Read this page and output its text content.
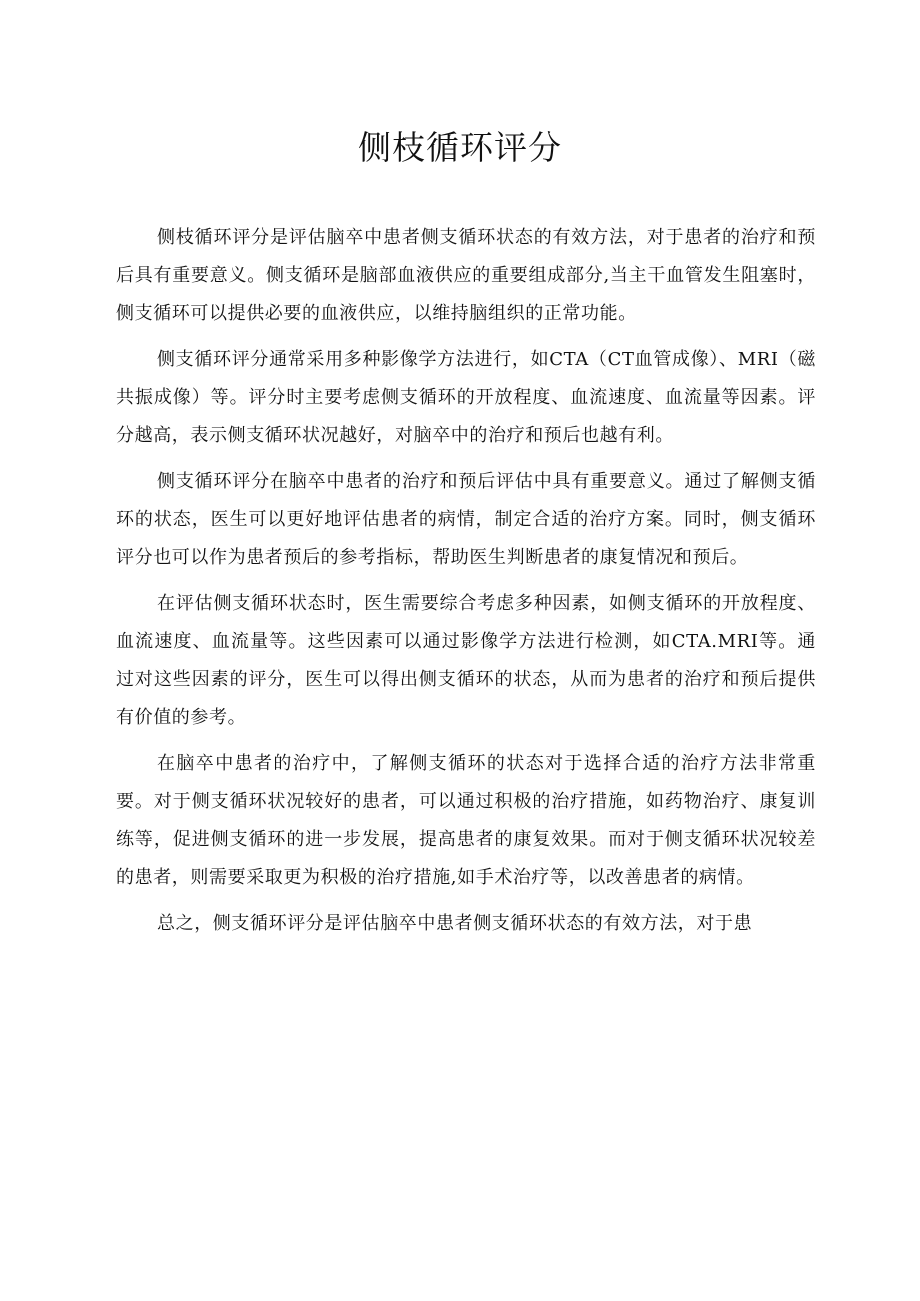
侧枝循环评分

侧枝循环评分是评估脑卒中患者侧支循环状态的有效方法，对于患者的治疗和预后具有重要意义。侧支循环是脑部血液供应的重要组成部分,当主干血管发生阻塞时，侧支循环可以提供必要的血液供应，以维持脑组织的正常功能。

侧支循环评分通常采用多种影像学方法进行，如CTA（CT血管成像）、MRI（磁共振成像）等。评分时主要考虑侧支循环的开放程度、血流速度、血流量等因素。评分越高，表示侧支循环状况越好，对脑卒中的治疗和预后也越有利。

侧支循环评分在脑卒中患者的治疗和预后评估中具有重要意义。通过了解侧支循环的状态，医生可以更好地评估患者的病情，制定合适的治疗方案。同时，侧支循环评分也可以作为患者预后的参考指标，帮助医生判断患者的康复情况和预后。

在评估侧支循环状态时，医生需要综合考虑多种因素，如侧支循环的开放程度、血流速度、血流量等。这些因素可以通过影像学方法进行检测，如CTA.MRI等。通过对这些因素的评分，医生可以得出侧支循环的状态，从而为患者的治疗和预后提供有价值的参考。

在脑卒中患者的治疗中，了解侧支循环的状态对于选择合适的治疗方法非常重要。对于侧支循环状况较好的患者，可以通过积极的治疗措施，如药物治疗、康复训练等，促进侧支循环的进一步发展，提高患者的康复效果。而对于侧支循环状况较差的患者，则需要采取更为积极的治疗措施,如手术治疗等，以改善患者的病情。

总之，侧支循环评分是评估脑卒中患者侧支循环状态的有效方法，对于患
